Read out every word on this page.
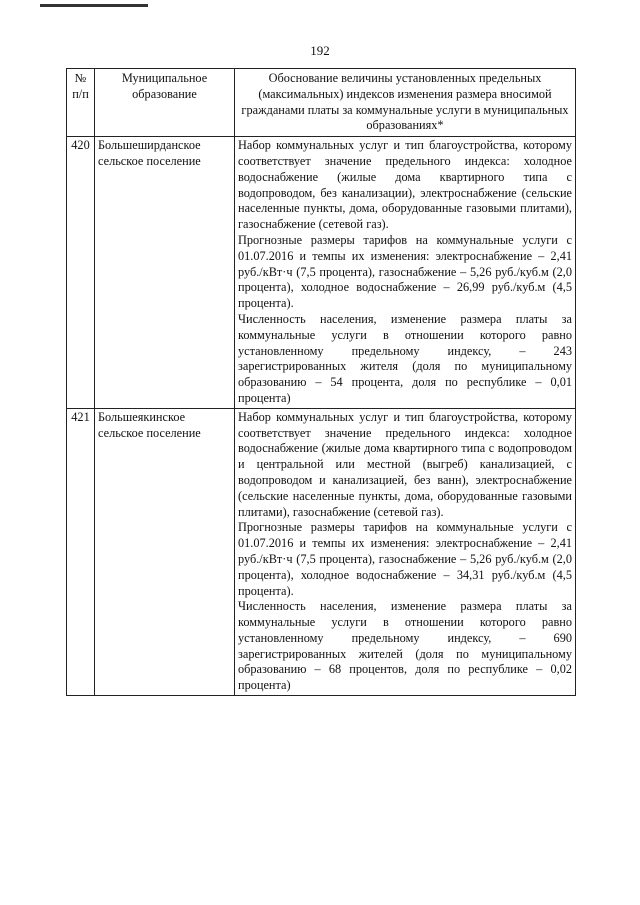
192
№ п/п	Муниципальное образование	Обоснование величины установленных предельных (максимальных) индексов изменения размера вносимой гражданами платы за коммунальные услуги в муниципальных образованиях*
420	Большеширданское сельское поселение	Набор коммунальных услуг и тип благоустройства, которому соответствует значение предельного индекса: холодное водоснабжение (жилые дома квартирного типа с водопроводом, без канализации), электроснабжение (сельские населенные пункты, дома, оборудованные газовыми плитами), газоснабжение (сетевой газ).
Прогнозные размеры тарифов на коммунальные услуги с 01.07.2016 и темпы их изменения: электроснабжение – 2,41 руб./кВт·ч (7,5 процента), газоснабжение – 5,26 руб./куб.м (2,0 процента), холодное водоснабжение – 26,99 руб./куб.м (4,5 процента).
Численность населения, изменение размера платы за коммунальные услуги в отношении которого равно установленному предельному индексу, – 243 зарегистрированных жителя (доля по муниципальному образованию – 54 процента, доля по республике – 0,01 процента)

421	Большеякинское сельское поселение	Набор коммунальных услуг и тип благоустройства, которому соответствует значение предельного индекса: холодное водоснабжение (жилые дома квартирного типа с водопроводом и центральной или местной (выгреб) канализацией, с водопроводом и канализацией, без ванн), электроснабжение (сельские населенные пункты, дома, оборудованные газовыми плитами), газоснабжение (сетевой газ).
Прогнозные размеры тарифов на коммунальные услуги с 01.07.2016 и темпы их изменения: электроснабжение – 2,41 руб./кВт·ч (7,5 процента), газоснабжение – 5,26 руб./куб.м (2,0 процента), холодное водоснабжение – 34,31 руб./куб.м (4,5 процента).
Численность населения, изменение размера платы за коммунальные услуги в отношении которого равно установленному предельному индексу, – 690 зарегистрированных жителей (доля по муниципальному образованию – 68 процентов, доля по республике – 0,02 процента)
